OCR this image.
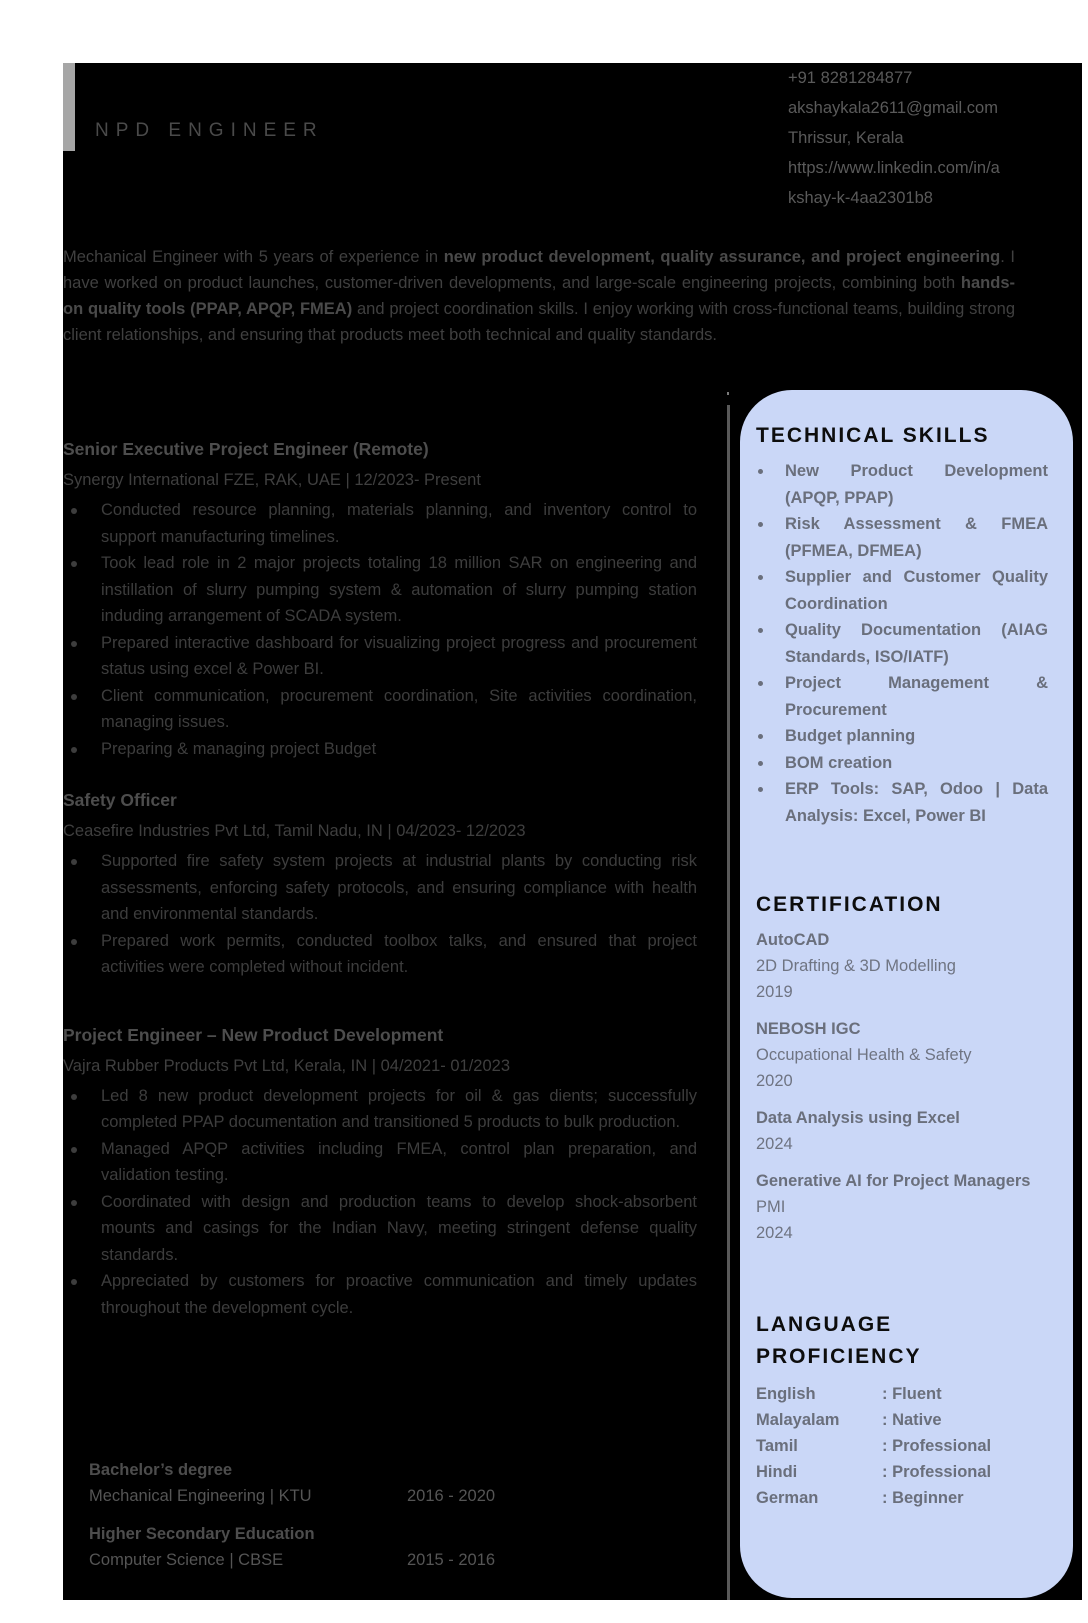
NPD ENGINEER
+91 8281284877
akshaykala2611@gmail.com
Thrissur, Kerala
https://www.linkedin.com/in/a
kshay-k-4aa2301b8
Mechanical Engineer with 5 years of experience in new product development, quality assurance, and project engineering. I have worked on product launches, customer-driven developments, and large-scale engineering projects, combining both hands-on quality tools (PPAP, APQP, FMEA) and project coordination skills. I enjoy working with cross-functional teams, building strong client relationships, and ensuring that products meet both technical and quality standards.
Senior Executive Project Engineer (Remote)
Synergy International FZE, RAK, UAE | 12/2023- Present
Conducted resource planning, materials planning, and inventory control to support manufacturing timelines.
Took lead role in 2 major projects totaling 18 million SAR on engineering and instillation of slurry pumping system & automation of slurry pumping station induding arrangement of SCADA system.
Prepared interactive dashboard for visualizing project progress and procurement status using excel & Power BI.
Client communication, procurement coordination, Site activities coordination, managing issues.
Preparing & managing project Budget
Safety Officer
Ceasefire Industries Pvt Ltd, Tamil Nadu, IN | 04/2023- 12/2023
Supported fire safety system projects at industrial plants by conducting risk assessments, enforcing safety protocols, and ensuring compliance with health and environmental standards.
Prepared work permits, conducted toolbox talks, and ensured that project activities were completed without incident.
Project Engineer – New Product Development
Vajra Rubber Products Pvt Ltd, Kerala, IN | 04/2021- 01/2023
Led 8 new product development projects for oil & gas dients; successfully completed PPAP documentation and transitioned 5 products to bulk production.
Managed APQP activities including FMEA, control plan preparation, and validation testing.
Coordinated with design and production teams to develop shock-absorbent mounts and casings for the Indian Navy, meeting stringent defense quality standards.
Appreciated by customers for proactive communication and timely updates throughout the development cycle.
Bachelor’s degree
Mechanical Engineering | KTU	2016 - 2020
Higher Secondary Education
Computer Science | CBSE	2015 - 2016
TECHNICAL SKILLS
New Product Development (APQP, PPAP)
Risk Assessment & FMEA (PFMEA, DFMEA)
Supplier and Customer Quality Coordination
Quality Documentation (AIAG Standards, ISO/IATF)
Project Management & Procurement
Budget planning
BOM creation
ERP Tools: SAP, Odoo | Data Analysis: Excel, Power BI
CERTIFICATION
AutoCAD
2D Drafting & 3D Modelling
2019
NEBOSH IGC
Occupational Health & Safety
2020
Data Analysis using Excel
2024
Generative AI for Project Managers
PMI
2024
LANGUAGE
PROFICIENCY
English	: Fluent
Malayalam	: Native
Tamil	: Professional
Hindi	: Professional
German	: Beginner
